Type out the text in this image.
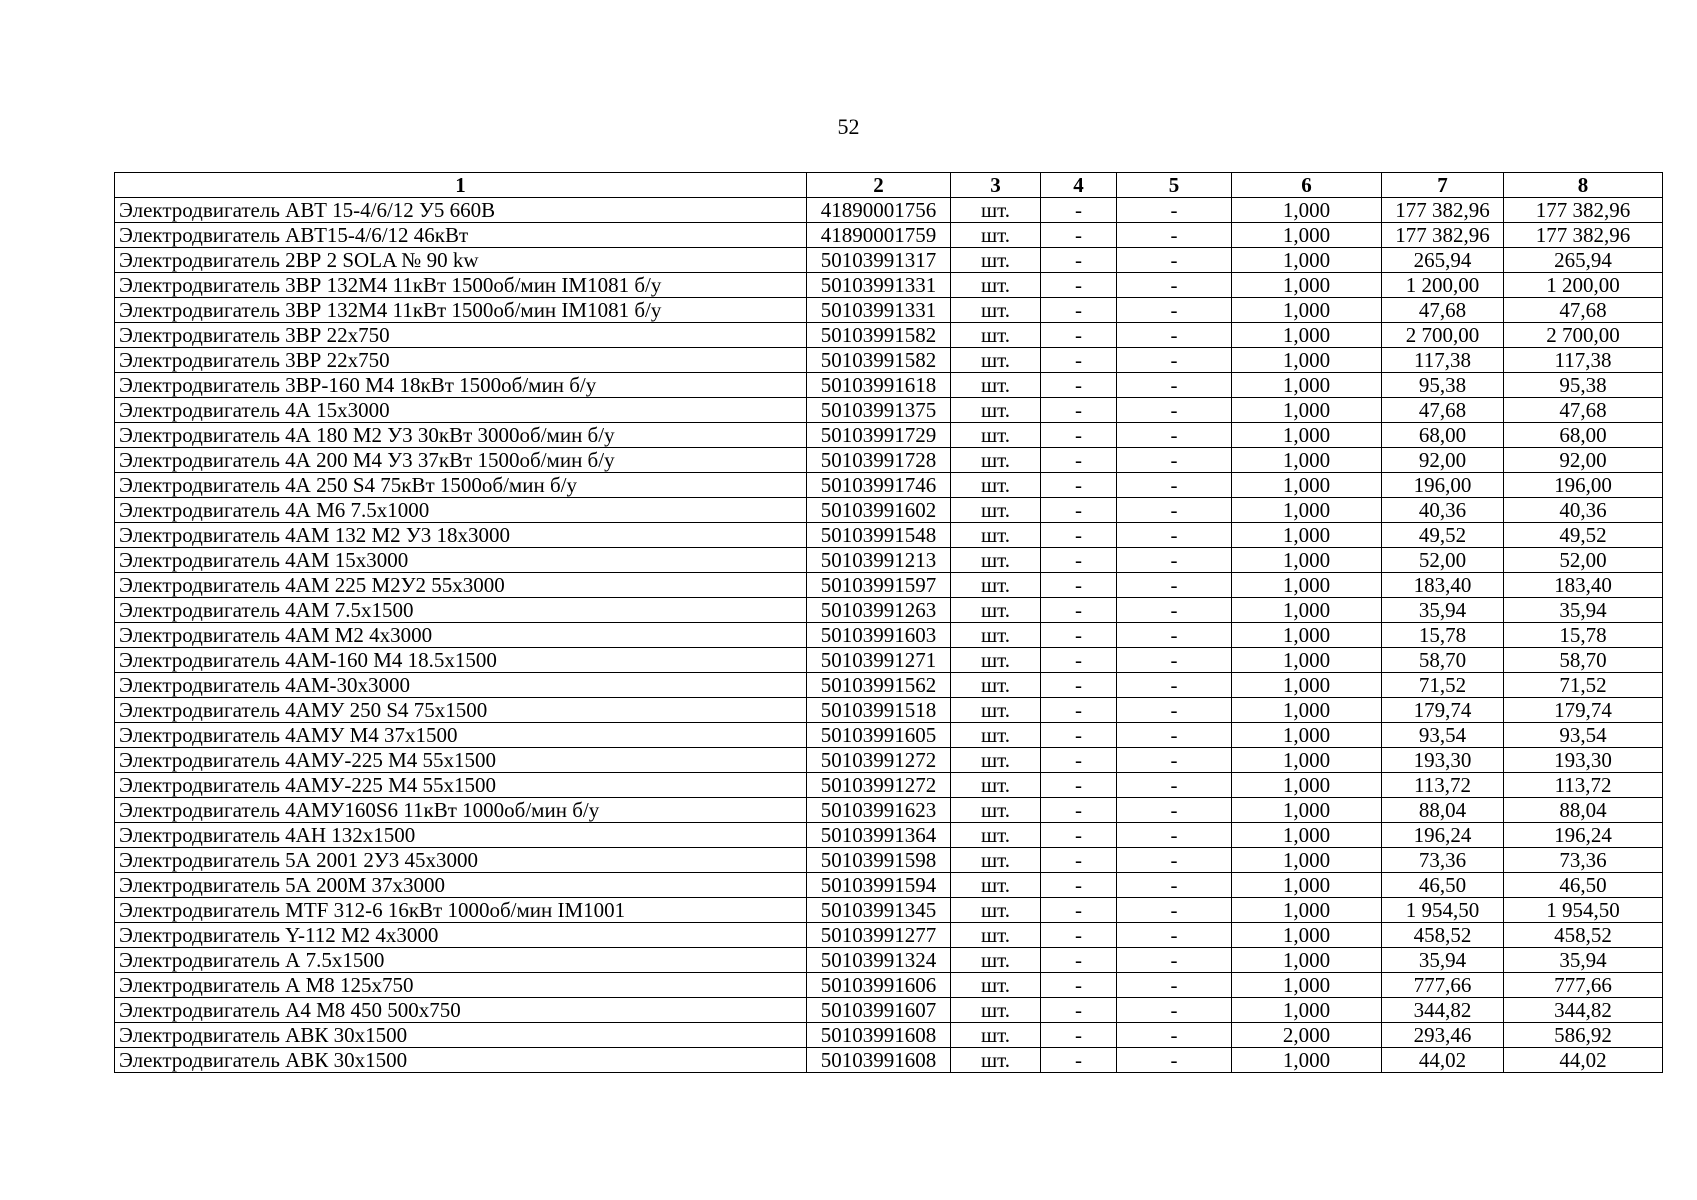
52
1	2	3	4	5	6	7	8
Электродвигатель АВТ 15-4/6/12 У5 660В	41890001756	шт.	-	-	1,000	177 382,96	177 382,96
Электродвигатель АВТ15-4/6/12 46кВт	41890001759	шт.	-	-	1,000	177 382,96	177 382,96
Электродвигатель 2ВР 2 SOLA № 90 kw	50103991317	шт.	-	-	1,000	265,94	265,94
Электродвигатель 3ВР 132М4 11кВт 1500об/мин IM1081 б/у	50103991331	шт.	-	-	1,000	1 200,00	1 200,00
Электродвигатель 3ВР 132М4 11кВт 1500об/мин IM1081 б/у	50103991331	шт.	-	-	1,000	47,68	47,68
Электродвигатель 3ВР 22х750	50103991582	шт.	-	-	1,000	2 700,00	2 700,00
Электродвигатель 3ВР 22х750	50103991582	шт.	-	-	1,000	117,38	117,38
Электродвигатель 3ВР-160 М4 18кВт 1500об/мин б/у	50103991618	шт.	-	-	1,000	95,38	95,38
Электродвигатель 4А 15х3000	50103991375	шт.	-	-	1,000	47,68	47,68
Электродвигатель 4А 180 М2 У3 30кВт 3000об/мин б/у	50103991729	шт.	-	-	1,000	68,00	68,00
Электродвигатель 4А 200 М4 У3 37кВт 1500об/мин б/у	50103991728	шт.	-	-	1,000	92,00	92,00
Электродвигатель 4А 250 S4 75кВт 1500об/мин б/у	50103991746	шт.	-	-	1,000	196,00	196,00
Электродвигатель 4А М6 7.5х1000	50103991602	шт.	-	-	1,000	40,36	40,36
Электродвигатель 4АМ 132 М2 У3 18х3000	50103991548	шт.	-	-	1,000	49,52	49,52
Электродвигатель 4АМ 15х3000	50103991213	шт.	-	-	1,000	52,00	52,00
Электродвигатель 4АМ 225 М2У2 55х3000	50103991597	шт.	-	-	1,000	183,40	183,40
Электродвигатель 4АМ 7.5х1500	50103991263	шт.	-	-	1,000	35,94	35,94
Электродвигатель 4АМ М2 4х3000	50103991603	шт.	-	-	1,000	15,78	15,78
Электродвигатель 4АМ-160 М4 18.5х1500	50103991271	шт.	-	-	1,000	58,70	58,70
Электродвигатель 4АМ-30х3000	50103991562	шт.	-	-	1,000	71,52	71,52
Электродвигатель 4АМУ 250 S4 75х1500	50103991518	шт.	-	-	1,000	179,74	179,74
Электродвигатель 4АМУ М4 37х1500	50103991605	шт.	-	-	1,000	93,54	93,54
Электродвигатель 4АМУ-225 М4 55х1500	50103991272	шт.	-	-	1,000	193,30	193,30
Электродвигатель 4АМУ-225 М4 55х1500	50103991272	шт.	-	-	1,000	113,72	113,72
Электродвигатель 4АМУ160S6 11кВт 1000об/мин б/у	50103991623	шт.	-	-	1,000	88,04	88,04
Электродвигатель 4АН 132х1500	50103991364	шт.	-	-	1,000	196,24	196,24
Электродвигатель 5А 2001 2У3 45х3000	50103991598	шт.	-	-	1,000	73,36	73,36
Электродвигатель 5А 200М 37х3000	50103991594	шт.	-	-	1,000	46,50	46,50
Электродвигатель МТF 312-6 16кВт 1000об/мин IM1001	50103991345	шт.	-	-	1,000	1 954,50	1 954,50
Электродвигатель Y-112 М2 4х3000	50103991277	шт.	-	-	1,000	458,52	458,52
Электродвигатель А 7.5х1500	50103991324	шт.	-	-	1,000	35,94	35,94
Электродвигатель А М8 125х750	50103991606	шт.	-	-	1,000	777,66	777,66
Электродвигатель А4 М8 450 500х750	50103991607	шт.	-	-	1,000	344,82	344,82
Электродвигатель АВК 30х1500	50103991608	шт.	-	-	2,000	293,46	586,92
Электродвигатель АВК 30х1500	50103991608	шт.	-	-	1,000	44,02	44,02
